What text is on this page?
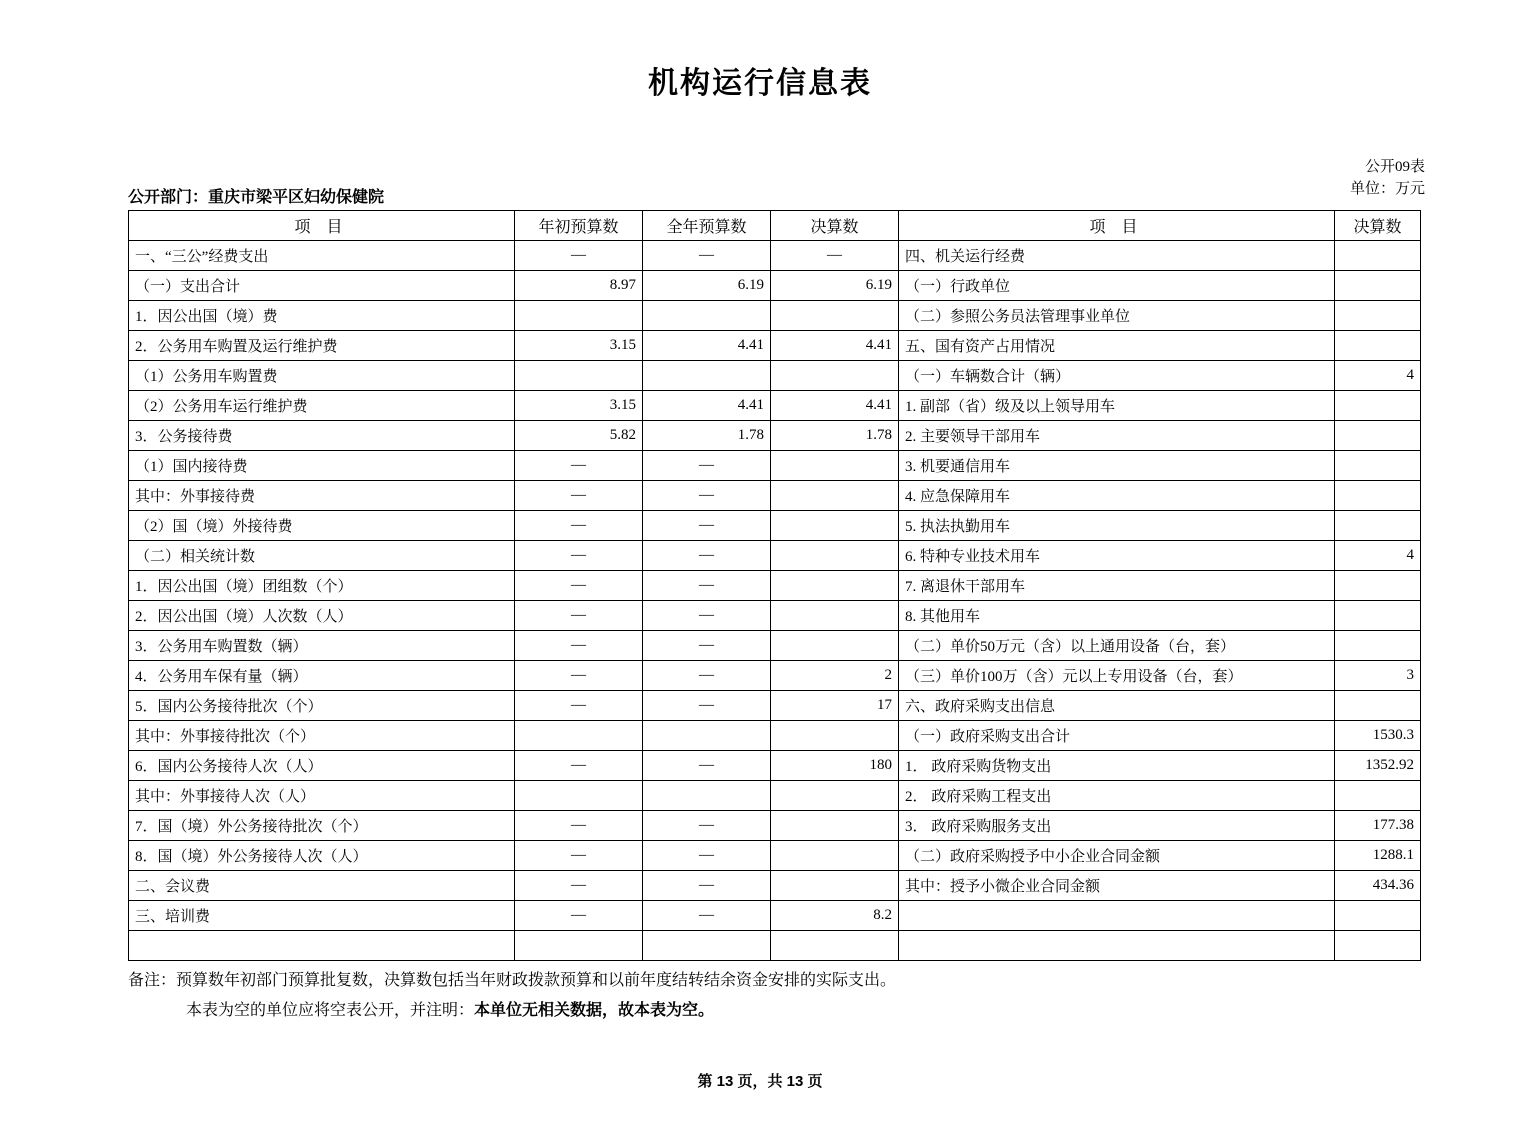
机构运行信息表
公开09表
单位：万元
公开部门：重庆市梁平区妇幼保健院
项 目	年初预算数	全年预算数	决算数	项 目	决算数
一、“三公”经费支出	—	—	—	四、机关运行经费	
（一）支出合计	8.97	6.19	6.19	（一）行政单位	
1．因公出国（境）费				（二）参照公务员法管理事业单位	
2．公务用车购置及运行维护费	3.15	4.41	4.41	五、国有资产占用情况	
（1）公务用车购置费				（一）车辆数合计（辆）	4
（2）公务用车运行维护费	3.15	4.41	4.41	1. 副部（省）级及以上领导用车	
3．公务接待费	5.82	1.78	1.78	2. 主要领导干部用车	
（1）国内接待费	—	—		3. 机要通信用车	
其中：外事接待费	—	—		4. 应急保障用车	
（2）国（境）外接待费	—	—		5. 执法执勤用车	
（二）相关统计数	—	—		6. 特种专业技术用车	4
1．因公出国（境）团组数（个）	—	—		7. 离退休干部用车	
2．因公出国（境）人次数（人）	—	—		8. 其他用车	
3．公务用车购置数（辆）	—	—		（二）单价50万元（含）以上通用设备（台，套）	
4．公务用车保有量（辆）	—	—	2	（三）单价100万（含）元以上专用设备（台，套）	3
5．国内公务接待批次（个）	—	—	17	六、政府采购支出信息	
其中：外事接待批次（个）				（一）政府采购支出合计	1530.3
6．国内公务接待人次（人）	—	—	180	1． 政府采购货物支出	1352.92
其中：外事接待人次（人）				2． 政府采购工程支出	
7．国（境）外公务接待批次（个）	—	—		3． 政府采购服务支出	177.38
8．国（境）外公务接待人次（人）	—	—		（二）政府采购授予中小企业合同金额	1288.1
二、会议费	—	—		其中：授予小微企业合同金额	434.36
三、培训费	—	—	8.2		

备注：预算数年初部门预算批复数，决算数包括当年财政拨款预算和以前年度结转结余资金安排的实际支出。
本表为空的单位应将空表公开，并注明：本单位无相关数据，故本表为空。
第 13 页，共 13 页
